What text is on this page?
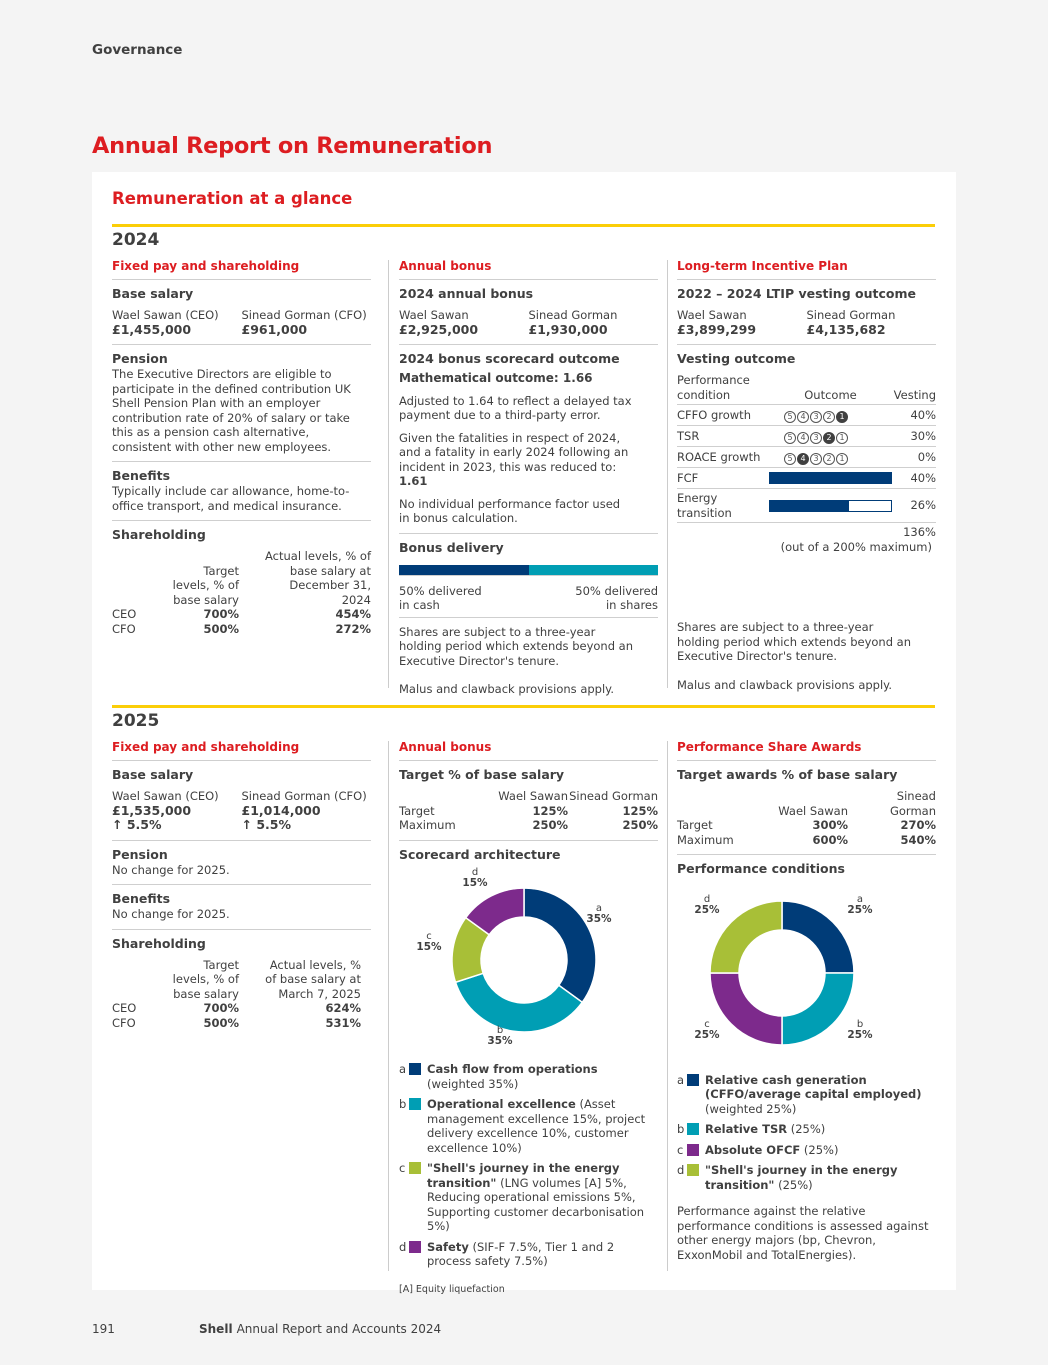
Governance
Annual Report on Remuneration
Remuneration at a glance
2024
Fixed pay and shareholding
Base salary
Wael Sawan (CEO)
£1,455,000
Sinead Gorman (CFO)
£961,000
Pension
The Executive Directors are eligible to participate in the defined contribution UK Shell Pension Plan with an employer contribution rate of 20% of salary or take this as a pension cash alternative, consistent with other new employees.
Benefits
Typically include car allowance, home-to-office transport, and medical insurance.
Shareholding
	Target levels, % of base salary	Actual levels, % of base salary at December 31, 2024
CEO	700%	454%
CFO	500%	272%
Annual bonus
2024 annual bonus
Wael Sawan
£2,925,000
Sinead Gorman
£1,930,000
2024 bonus scorecard outcome
Mathematical outcome: 1.66
Adjusted to 1.64 to reflect a delayed tax payment due to a third-party error.
Given the fatalities in respect of 2024, and a fatality in early 2024 following an incident in 2023, this was reduced to: 1.61
No individual performance factor used in bonus calculation.
Bonus delivery
50% delivered in cash
50% delivered in shares
Shares are subject to a three-year holding period which extends beyond an Executive Director's tenure.
Malus and clawback provisions apply.
Long-term Incentive Plan
2022 – 2024 LTIP vesting outcome
Wael Sawan
£3,899,299
Sinead Gorman
£4,135,682
Vesting outcome
Performance condition	Outcome	Vesting
CFFO growth	5 4 3 2 1	40%
TSR	5 4 3 2 1	30%
ROACE growth	5 4 3 2 1	0%
FCF		40%
Energy transition		26%
136%
(out of a 200% maximum)
Shares are subject to a three-year holding period which extends beyond an Executive Director's tenure.
Malus and clawback provisions apply.
2025
Fixed pay and shareholding
Base salary
Wael Sawan (CEO)
£1,535,000
↑ 5.5%
Sinead Gorman (CFO)
£1,014,000
↑ 5.5%
Pension
No change for 2025.
Benefits
No change for 2025.
Shareholding
	Target levels, % of base salary	Actual levels, % of base salary at March 7, 2025
CEO	700%	624%
CFO	500%	531%
Annual bonus
Target % of base salary
	Wael Sawan	Sinead Gorman
Target	125%	125%
Maximum	250%	250%
Scorecard architecture
a
35%
b
35%
c
15%
d
15%
a Cash flow from operations (weighted 35%)
b Operational excellence (Asset management excellence 15%, project delivery excellence 10%, customer excellence 10%)
c	"Shell's journey in the energy transition" (LNG volumes [A] 5%, Reducing operational emissions 5%, Supporting customer decarbonisation 5%)
d Safety (SIF-F 7.5%, Tier 1 and 2 process safety 7.5%)
[A] Equity liquefaction
Performance Share Awards
Target awards % of base salary
	Wael Sawan	Sinead Gorman
Target	300%	270%
Maximum	600%	540%
Performance conditions
a
25%
b
25%
c
25%
d
25%
a Relative cash generation (CFFO/average capital employed) (weighted 25%)
b Relative TSR (25%)
c	Absolute OFCF (25%)
d "Shell's journey in the energy transition" (25%)
Performance against the relative performance conditions is assessed against other energy majors (bp, Chevron, ExxonMobil and TotalEnergies).
191	Shell Annual Report and Accounts 2024
